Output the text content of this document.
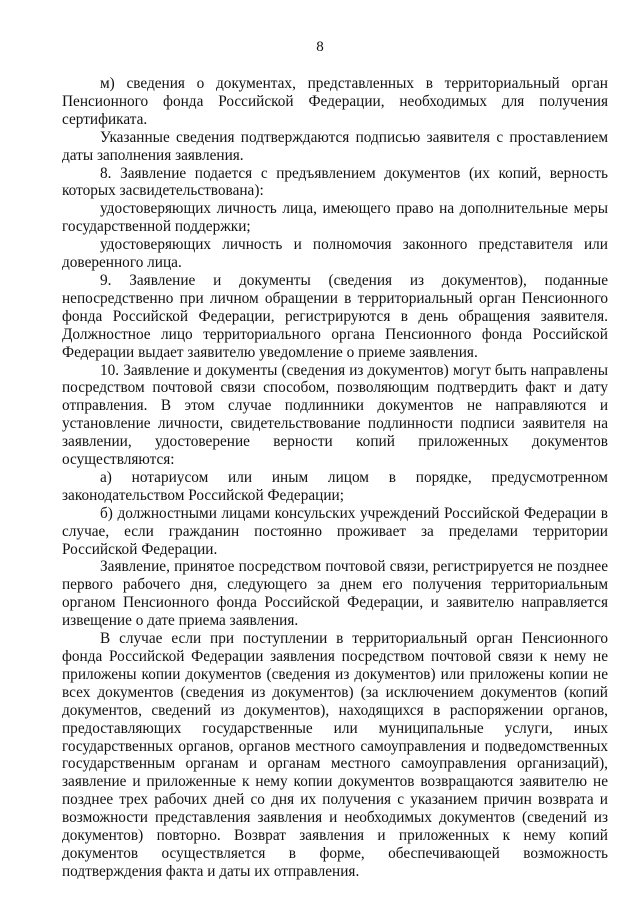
8

м) сведения о документах, представленных в территориальный орган Пенсионного фонда Российской Федерации, необходимых для получения сертификата.

Указанные сведения подтверждаются подписью заявителя с проставлением даты заполнения заявления.

8. Заявление подается с предъявлением документов (их копий, верность которых засвидетельствована):

удостоверяющих личность лица, имеющего право на дополнительные меры государственной поддержки;

удостоверяющих личность и полномочия законного представителя или доверенного лица.

9. Заявление и документы (сведения из документов), поданные непосредственно при личном обращении в территориальный орган Пенсионного фонда Российской Федерации, регистрируются в день обращения заявителя. Должностное лицо территориального органа Пенсионного фонда Российской Федерации выдает заявителю уведомление о приеме заявления.

10. Заявление и документы (сведения из документов) могут быть направлены посредством почтовой связи способом, позволяющим подтвердить факт и дату отправления. В этом случае подлинники документов не направляются и установление личности, свидетельствование подлинности подписи заявителя на заявлении, удостоверение верности копий приложенных документов осуществляются:

а) нотариусом или иным лицом в порядке, предусмотренном законодательством Российской Федерации;

б) должностными лицами консульских учреждений Российской Федерации в случае, если гражданин постоянно проживает за пределами территории Российской Федерации.

Заявление, принятое посредством почтовой связи, регистрируется не позднее первого рабочего дня, следующего за днем его получения территориальным органом Пенсионного фонда Российской Федерации, и заявителю направляется извещение о дате приема заявления.

В случае если при поступлении в территориальный орган Пенсионного фонда Российской Федерации заявления посредством почтовой связи к нему не приложены копии документов (сведения из документов) или приложены копии не всех документов (сведения из документов) (за исключением документов (копий документов, сведений из документов), находящихся в распоряжении органов, предоставляющих государственные или муниципальные услуги, иных государственных органов, органов местного самоуправления и подведомственных государственным органам и органам местного самоуправления организаций), заявление и приложенные к нему копии документов возвращаются заявителю не позднее трех рабочих дней со дня их получения с указанием причин возврата и возможности представления заявления и необходимых документов (сведений из документов) повторно. Возврат заявления и приложенных к нему копий документов осуществляется в форме, обеспечивающей возможность подтверждения факта и даты их отправления.
